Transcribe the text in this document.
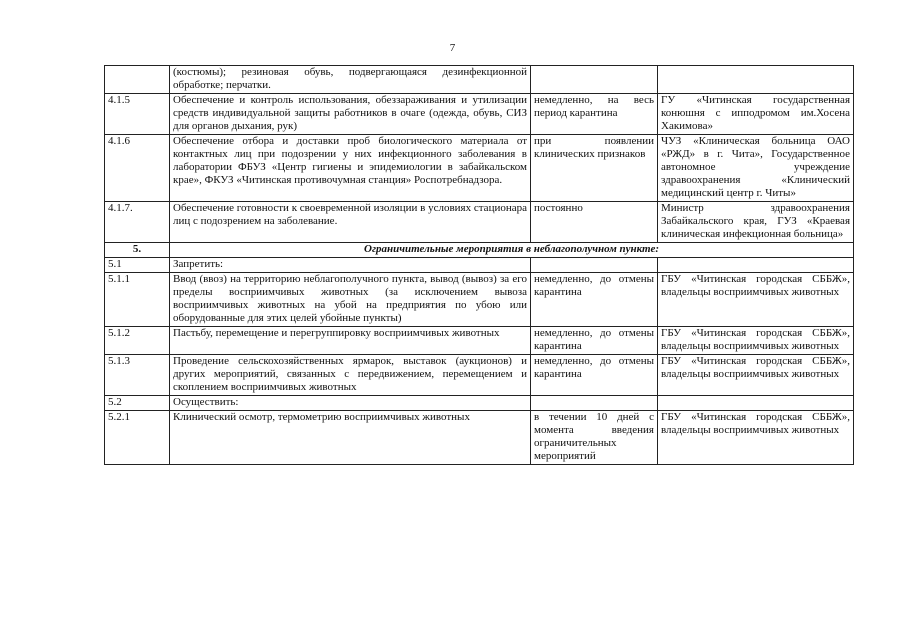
7
	(костюмы); резиновая обувь, подвергающаяся дезинфекционной обработке; перчатки.		
4.1.5	Обеспечение и контроль использования, обеззараживания и утилизации средств индивидуальной защиты работников в очаге (одежда, обувь, СИЗ для органов дыхания, рук)	немедленно, на весь период карантина	ГУ «Читинская государственная конюшня с ипподромом им.Хосена Хакимова»
4.1.6	Обеспечение отбора и доставки проб биологического материала от контактных лиц при подозрении у них инфекционного заболевания в лаборатории ФБУЗ «Центр гигиены и эпидемиологии в забайкальском крае», ФКУЗ «Читинская противочумная станция» Роспотребнадзора.	при появлении клинических признаков	ЧУЗ «Клиническая больница ОАО «РЖД» в г. Чита», Государственное автономное учреждение здравоохранения «Клинический медицинский центр г. Читы»
4.1.7.	Обеспечение готовности к своевременной изоляции в условиях стационара лиц с подозрением на заболевание.	постоянно	Министр здравоохранения Забайкальского края, ГУЗ «Краевая клиническая инфекционная больница»
5.	Ограничительные мероприятия в неблагополучном пункте:		
5.1	Запретить:		
5.1.1	Ввод (ввоз) на территорию неблагополучного пункта, вывод (вывоз) за его пределы восприимчивых животных (за исключением вывоза восприимчивых животных на убой на предприятия по убою или оборудованные для этих целей убойные пункты)	немедленно, до отмены карантина	ГБУ «Читинская городская СББЖ», владельцы восприимчивых животных
5.1.2	Пастьбу, перемещение и перегруппировку восприимчивых животных	немедленно, до отмены карантина	ГБУ «Читинская городская СББЖ», владельцы восприимчивых животных
5.1.3	Проведение сельскохозяйственных ярмарок, выставок (аукционов) и других мероприятий, связанных с передвижением, перемещением и скоплением восприимчивых животных	немедленно, до отмены карантина	ГБУ «Читинская городская СББЖ», владельцы восприимчивых животных
5.2	Осуществить:		
5.2.1	Клинический осмотр, термометрию восприимчивых животных	в течении 10 дней с момента введения ограничительных мероприятий	ГБУ «Читинская городская СББЖ», владельцы восприимчивых животных
